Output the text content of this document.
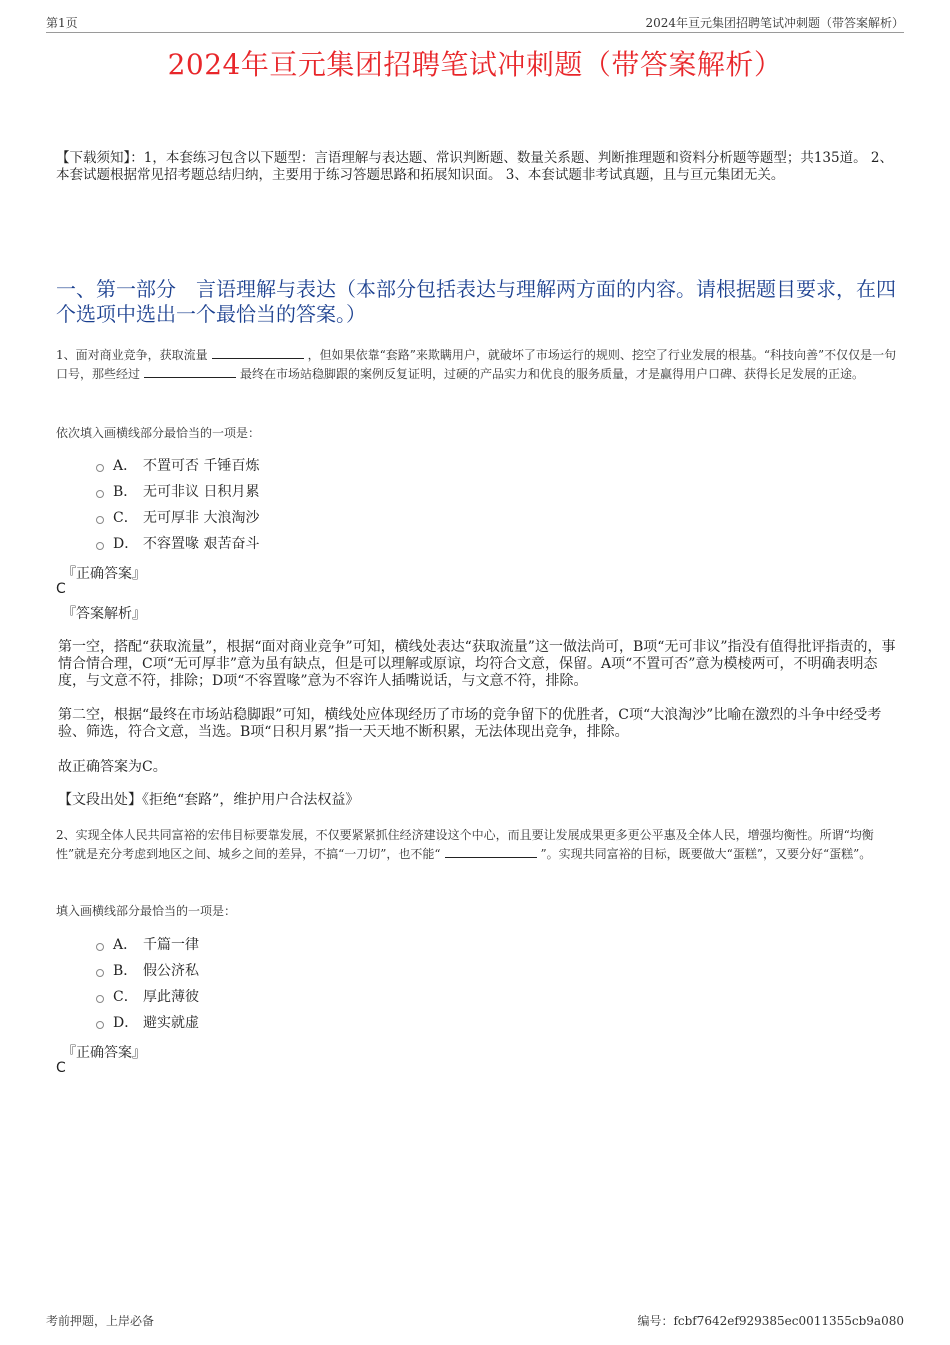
第1页	2024年亘元集团招聘笔试冲刺题（带答案解析）
2024年亘元集团招聘笔试冲刺题（带答案解析）
【下载须知】：1，本套练习包含以下题型：言语理解与表达题、常识判断题、数量关系题、判断推理题和资料分析题等题型；共135道。 2、本套试题根据常见招考题总结归纳，主要用于练习答题思路和拓展知识面。 3、本套试题非考试真题，且与亘元集团无关。
一、第一部分　言语理解与表达（本部分包括表达与理解两方面的内容。请根据题目要求，在四个选项中选出一个最恰当的答案。）
1、面对商业竞争，获取流量	，但如果依靠“套路”来欺瞒用户，就破坏了市场运行的规则、挖空了行业发展的根基。“科技向善”不仅仅是一句口号，那些经过	最终在市场站稳脚跟的案例反复证明，过硬的产品实力和优良的服务质量，才是赢得用户口碑、获得长足发展的正途。
依次填入画横线部分最恰当的一项是：
A． 不置可否 千锤百炼
B． 无可非议 日积月累
C． 无可厚非 大浪淘沙
D． 不容置喙 艰苦奋斗
『正确答案』
C
『答案解析』
第一空，搭配“获取流量”，根据“面对商业竞争”可知，横线处表达“获取流量”这一做法尚可，B项“无可非议”指没有值得批评指责的，事情合情合理，C项“无可厚非”意为虽有缺点，但是可以理解或原谅，均符合文意，保留。A项“不置可否”意为模棱两可，不明确表明态度，与文意不符，排除；D项“不容置喙”意为不容许人插嘴说话，与文意不符，排除。
第二空，根据“最终在市场站稳脚跟”可知，横线处应体现经历了市场的竞争留下的优胜者，C项“大浪淘沙”比喻在激烈的斗争中经受考验、筛选，符合文意，当选。B项“日积月累”指一天天地不断积累，无法体现出竞争，排除。
故正确答案为C。
【文段出处】《拒绝“套路”，维护用户合法权益》
2、实现全体人民共同富裕的宏伟目标要靠发展，不仅要紧紧抓住经济建设这个中心，而且要让发展成果更多更公平惠及全体人民，增强均衡性。所谓“均衡性”就是充分考虑到地区之间、城乡之间的差异，不搞“一刀切”，也不能“	”。实现共同富裕的目标，既要做大“蛋糕”，又要分好“蛋糕”。
填入画横线部分最恰当的一项是：
A． 千篇一律
B． 假公济私
C． 厚此薄彼
D． 避实就虚
『正确答案』
C
考前押题，上岸必备	编号：fcbf7642ef929385ec0011355cb9a080
